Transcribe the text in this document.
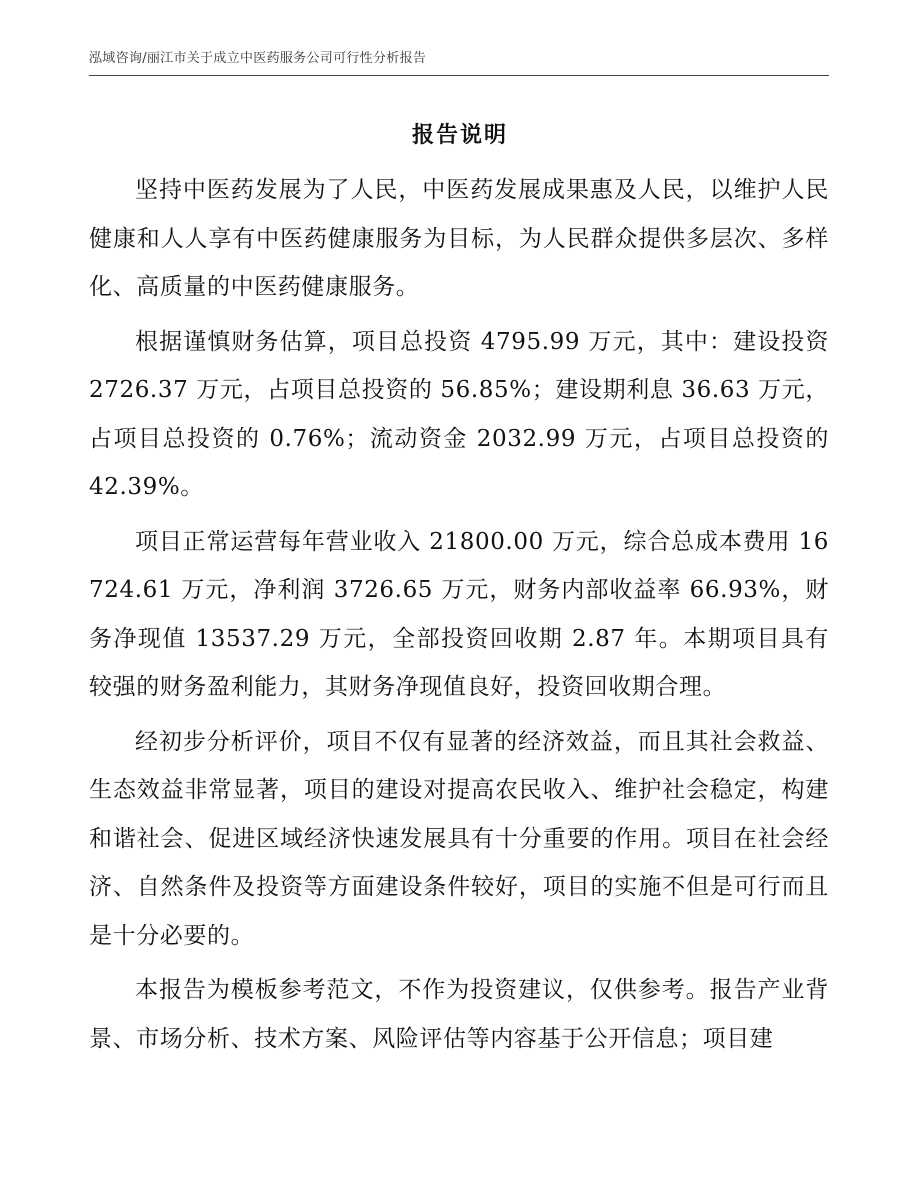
泓域咨询/丽江市关于成立中医药服务公司可行性分析报告
报告说明

坚持中医药发展为了人民，中医药发展成果惠及人民，以维护人民健康和人人享有中医药健康服务为目标，为人民群众提供多层次、多样化、高质量的中医药健康服务。

根据谨慎财务估算，项目总投资 4795.99 万元，其中：建设投资 2726.37 万元，占项目总投资的 56.85%；建设期利息 36.63 万元，占项目总投资的 0.76%；流动资金 2032.99 万元，占项目总投资的 42.39%。

项目正常运营每年营业收入 21800.00 万元，综合总成本费用 16724.61 万元，净利润 3726.65 万元，财务内部收益率 66.93%，财务净现值 13537.29 万元，全部投资回收期 2.87 年。本期项目具有较强的财务盈利能力，其财务净现值良好，投资回收期合理。

经初步分析评价，项目不仅有显著的经济效益，而且其社会救益、生态效益非常显著，项目的建设对提高农民收入、维护社会稳定，构建和谐社会、促进区域经济快速发展具有十分重要的作用。项目在社会经济、自然条件及投资等方面建设条件较好，项目的实施不但是可行而且是十分必要的。

本报告为模板参考范文，不作为投资建议，仅供参考。报告产业背景、市场分析、技术方案、风险评估等内容基于公开信息；项目建
